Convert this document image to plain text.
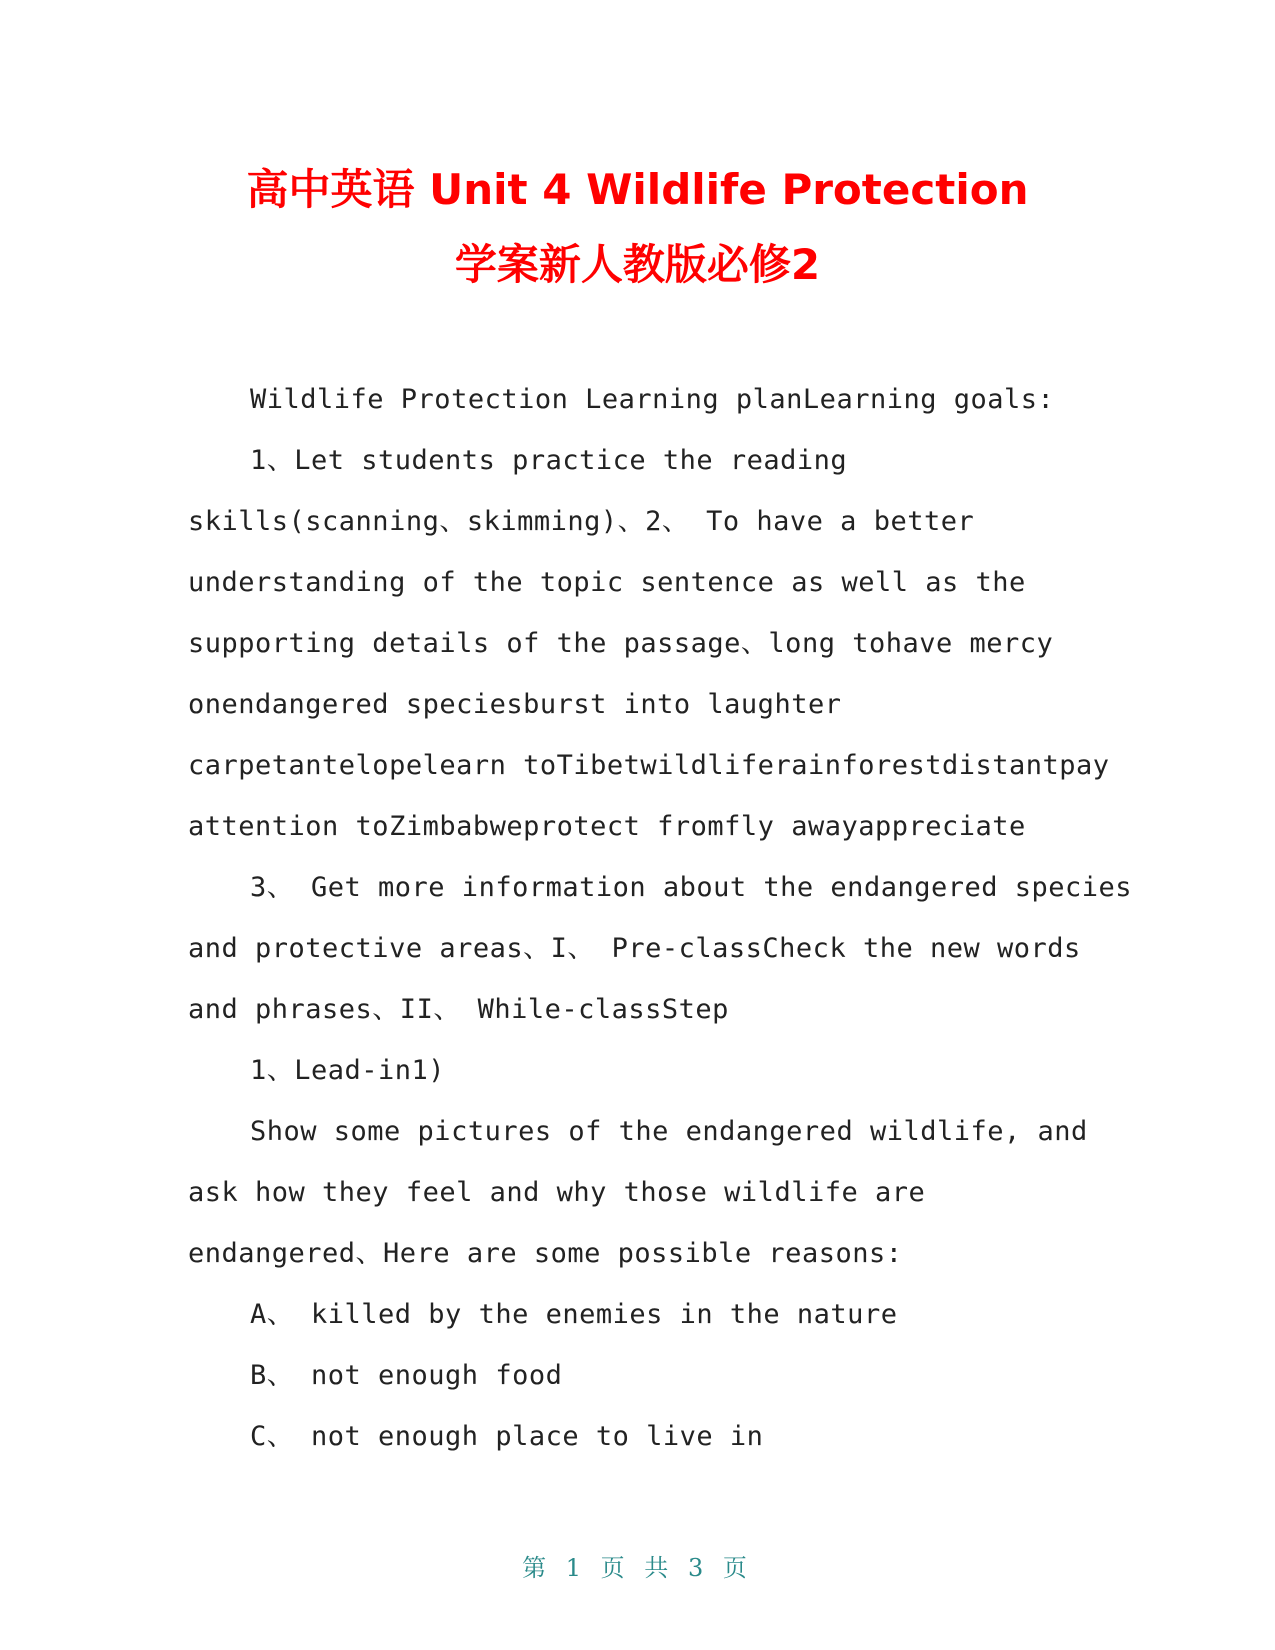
高中英语 Unit 4 Wildlife Protection
学案新人教版必修2
Wildlife Protection Learning planLearning goals:
1、Let students practice the reading
skills(scanning、skimming)、2、 To have a better
understanding of the topic sentence as well as the
supporting details of the passage、long tohave mercy
onendangered speciesburst into laughter
carpetantelopelearn toTibetwildliferainforestdistantpay
attention toZimbabweprotect fromfly awayappreciate
3、 Get more information about the endangered species
and protective areas、I、 Pre-classCheck the new words
and phrases、II、 While-classStep
1、Lead-in1)
Show some pictures of the endangered wildlife, and
ask how they feel and why those wildlife are
endangered、Here are some possible reasons:
A、 killed by the enemies in the nature
B、 not enough food
C、 not enough place to live in
第 1 页 共 3 页
